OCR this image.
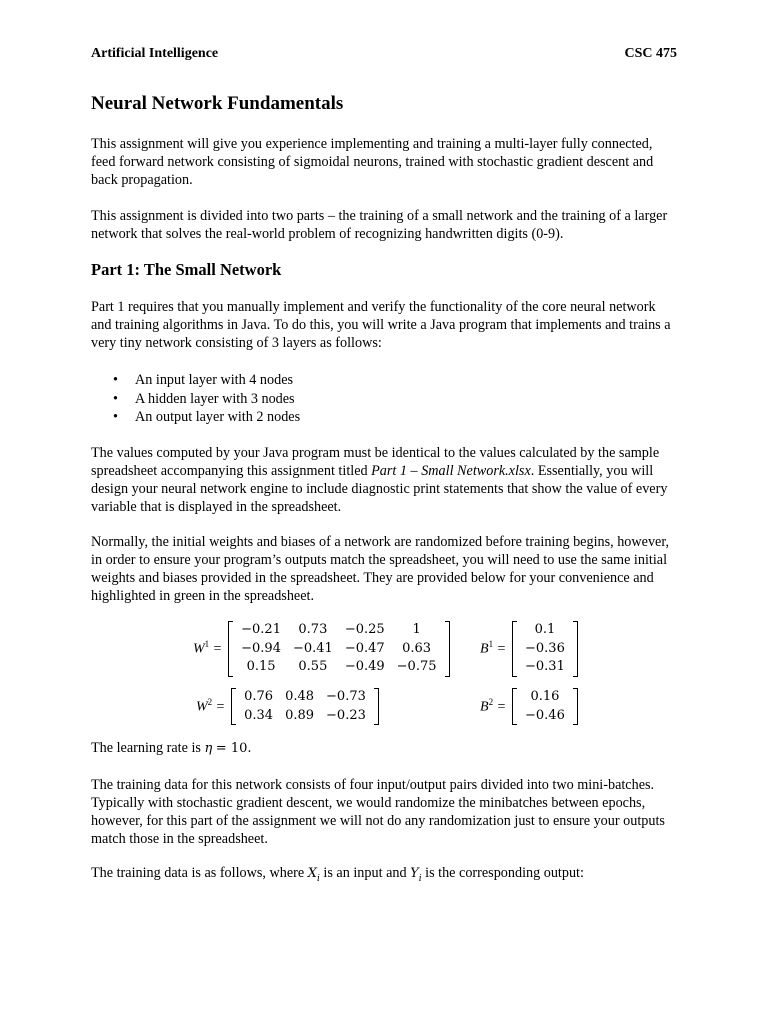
Artificial Intelligence	CSC 475
Neural Network Fundamentals

This assignment will give you experience implementing and training a multi-layer fully connected, feed forward network consisting of sigmoidal neurons, trained with stochastic gradient descent and back propagation.

This assignment is divided into two parts – the training of a small network and the training of a larger network that solves the real-world problem of recognizing handwritten digits (0-9).

Part 1: The Small Network

Part 1 requires that you manually implement and verify the functionality of the core neural network and training algorithms in Java. To do this, you will write a Java program that implements and trains a very tiny network consisting of 3 layers as follows:

• An input layer with 4 nodes
• A hidden layer with 3 nodes
• An output layer with 2 nodes

The values computed by your Java program must be identical to the values calculated by the sample spreadsheet accompanying this assignment titled Part 1 – Small Network.xlsx. Essentially, you will design your neural network engine to include diagnostic print statements that show the value of every variable that is displayed in the spreadsheet.

Normally, the initial weights and biases of a network are randomized before training begins, however, in order to ensure your program’s outputs match the spreadsheet, you will need to use the same initial weights and biases provided in the spreadsheet. They are provided below for your convenience and highlighted in green in the spreadsheet.

$W^1$ =
−0.21	0.73	−0.25	1
−0.94	−0.41	−0.47	0.63
0.15	0.55	−0.49	−0.75
$B^1$ =
0.1
−0.36
−0.31
$W^2$ =
0.76	0.48	−0.73
0.34	0.89	−0.23
$B^2$ =
0.16
−0.46

The learning rate is η = 10.

The training data for this network consists of four input/output pairs divided into two mini-batches. Typically with stochastic gradient descent, we would randomize the minibatches between epochs, however, for this part of the assignment we will not do any randomization just to ensure your outputs match those in the spreadsheet.

The training data is as follows, where $X_i$ is an input and $Y_i$ is the corresponding output:
